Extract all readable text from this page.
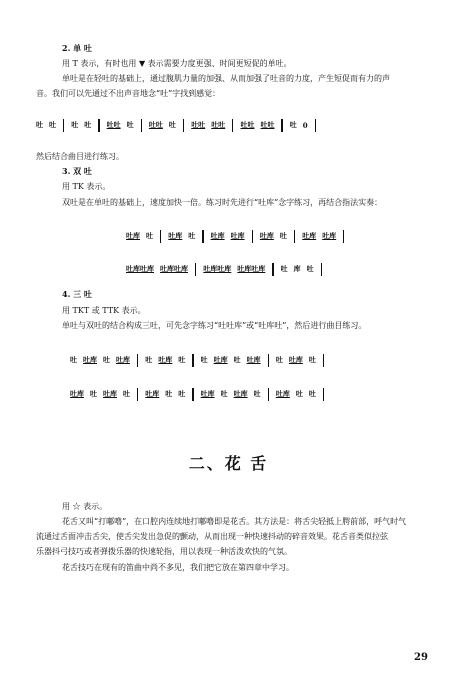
2. 单 吐
用 T 表示，有时也用 ▼ 表示需要力度更强、时间更短促的单吐。
单吐是在轻吐的基础上，通过腹肌力量的加强、从而加强了吐音的力度，产生短促而有力的声
音。我们可以先通过不出声音地念“吐”字找到感觉：
吐 吐 吐 吐 吐吐 吐 吐吐 吐 吐吐 吐吐 吐吐 吐吐 吐 0
然后结合曲目进行练习。
3. 双 吐
用 TK 表示。
双吐是在单吐的基础上，速度加快一倍。练习时先进行“吐库”念字练习，再结合指法实奏：
吐库 吐 吐库 吐 吐库 吐库 吐库 吐 吐库 吐库
吐库吐库 吐库吐库 吐库吐库 吐库吐库 吐 库 吐
4. 三 吐
用 TKT 或 TTK 表示。
单吐与双吐的结合构成三吐，可先念字练习“吐吐库”或“吐库吐”，然后进行曲目练习。
吐 吐库 吐 吐库 吐 吐库 吐 吐 吐库 吐 吐库 吐 吐库 吐
吐库 吐 吐库 吐 吐库 吐 吐 吐库 吐 吐库 吐 吐库 吐 吐
二、花 舌
用 ☆ 表示。
花舌又叫“打嘟噜”，在口腔内连续地打嘟噜即是花舌。其方法是：将舌尖轻抵上腭前部，呼气时气
流通过舌面冲击舌尖，使舌尖发出急促的颤动，从而出现一种快速抖动的碎音效果。花舌音类似拉弦
乐器抖弓技巧或者弹拨乐器的快速轮指，用以表现一种活泼欢快的气氛。
花舌技巧在现有的笛曲中尚不多见，我们把它放在第四章中学习。
29
